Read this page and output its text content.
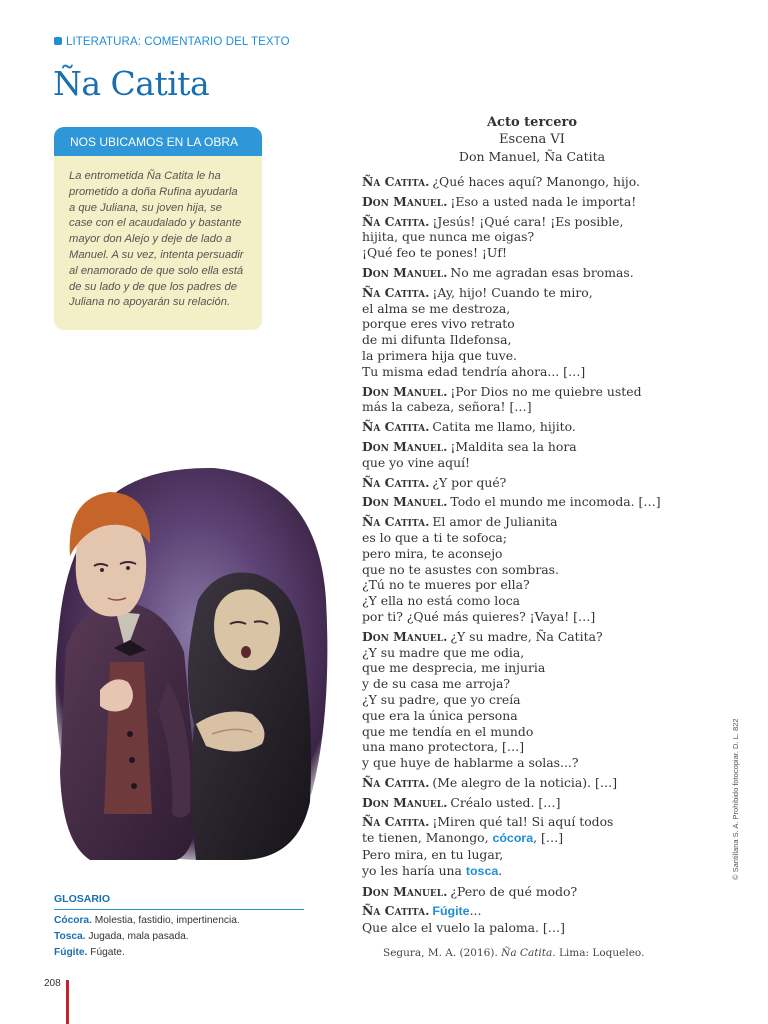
LITERATURA: COMENTARIO DEL TEXTO
Ña Catita
NOS UBICAMOS EN LA OBRA

La entrometida Ña Catita le ha

prometido a doña Rufina ayudarla

a que Juliana, su joven hija, se

case con el acaudalado y bastante

mayor don Alejo y deje de lado a

Manuel. A su vez, intenta persuadir

al enamorado de que solo ella está

de su lado y de que los padres de

Juliana no apoyarán su relación.

GLOSARIO
Cócora. Molestia, fastidio, impertinencia.
Tosca. Jugada, mala pasada.
Fúgite. Fúgate.
208
Acto tercero
Escena VI
Don Manuel, Ña Catita
Ña Catita. ¿Qué haces aquí? Manongo, hijo.
Don Manuel. ¡Eso a usted nada le importa!
Ña Catita. ¡Jesús! ¡Qué cara! ¡Es posible,
hijita, que nunca me oigas?
¡Qué feo te pones! ¡Uf!
Don Manuel. No me agradan esas bromas.
Ña Catita. ¡Ay, hijo! Cuando te miro,
el alma se me destroza,
porque eres vivo retrato
de mi difunta Ildefonsa,
la primera hija que tuve.
Tu misma edad tendría ahora... […]
Don Manuel. ¡Por Dios no me quiebre usted
más la cabeza, señora! […]
Ña Catita. Catita me llamo, hijito.
Don Manuel. ¡Maldita sea la hora
que yo vine aquí!
Ña Catita. ¿Y por qué?
Don Manuel. Todo el mundo me incomoda. […]
Ña Catita. El amor de Julianita
es lo que a ti te sofoca;
pero mira, te aconsejo
que no te asustes con sombras.
¿Tú no te mueres por ella?
¿Y ella no está como loca
por ti? ¿Qué más quieres? ¡Vaya! […]
Don Manuel. ¿Y su madre, Ña Catita?
¿Y su madre que me odia,
que me desprecia, me injuria
y de su casa me arroja?
¿Y su padre, que yo creía
que era la única persona
que me tendía en el mundo
una mano protectora, […]
y que huye de hablarme a solas...?
Ña Catita. (Me alegro de la noticia). […]
Don Manuel. Créalo usted. […]
Ña Catita. ¡Miren qué tal! Si aquí todos
te tienen, Manongo, cócora, […]
Pero mira, en tu lugar,
yo les haría una tosca.
Don Manuel. ¿Pero de qué modo?
Ña Catita. Fúgite...
Que alce el vuelo la paloma. […]
Segura, M. A. (2016). Ña Catita. Lima: Loqueleo.
© Santillana S. A. Prohibido fotocopiar. D. L. 822
